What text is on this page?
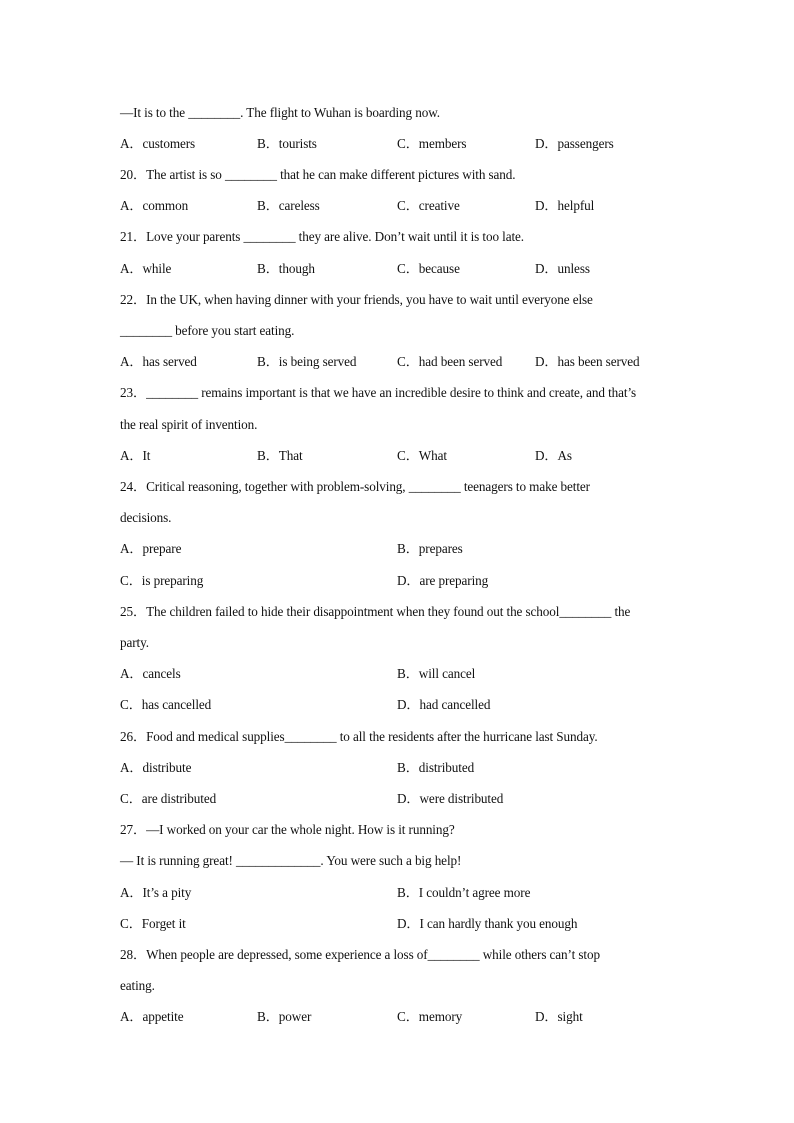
—It is to the ________. The flight to Wuhan is boarding now.
A．customers	B．tourists	C．members	D．passengers
20．The artist is so ________ that he can make different pictures with sand.
A．common	B．careless	C．creative	D．helpful
21．Love your parents ________ they are alive. Don’t wait until it is too late.
A．while	B．though	C．because	D．unless
22．In the UK, when having dinner with your friends, you have to wait until everyone else
________ before you start eating.
A．has served	B．is being served	C．had been served D．has been served
23．________ remains important is that we have an incredible desire to think and create, and that’s
the real spirit of invention.
A．It	B．That	C．What	D．As
24．Critical reasoning, together with problem-solving, ________ teenagers to make better
decisions.
A．prepare	B．prepares
C．is preparing	D．are preparing
25．The children failed to hide their disappointment when they found out the school________ the
party.
A．cancels	B．will cancel
C．has cancelled	D．had cancelled
26．Food and medical supplies________ to all the residents after the hurricane last Sunday.
A．distribute	B．distributed
C．are distributed	D．were distributed
27．—I worked on your car the whole night. How is it running?
— It is running great! _____________. You were such a big help!
A．It’s a pity	B．I couldn’t agree more
C．Forget it	D．I can hardly thank you enough
28．When people are depressed, some experience a loss of________ while others can’t stop
eating.
A．appetite	B．power	C．memory	D．sight
